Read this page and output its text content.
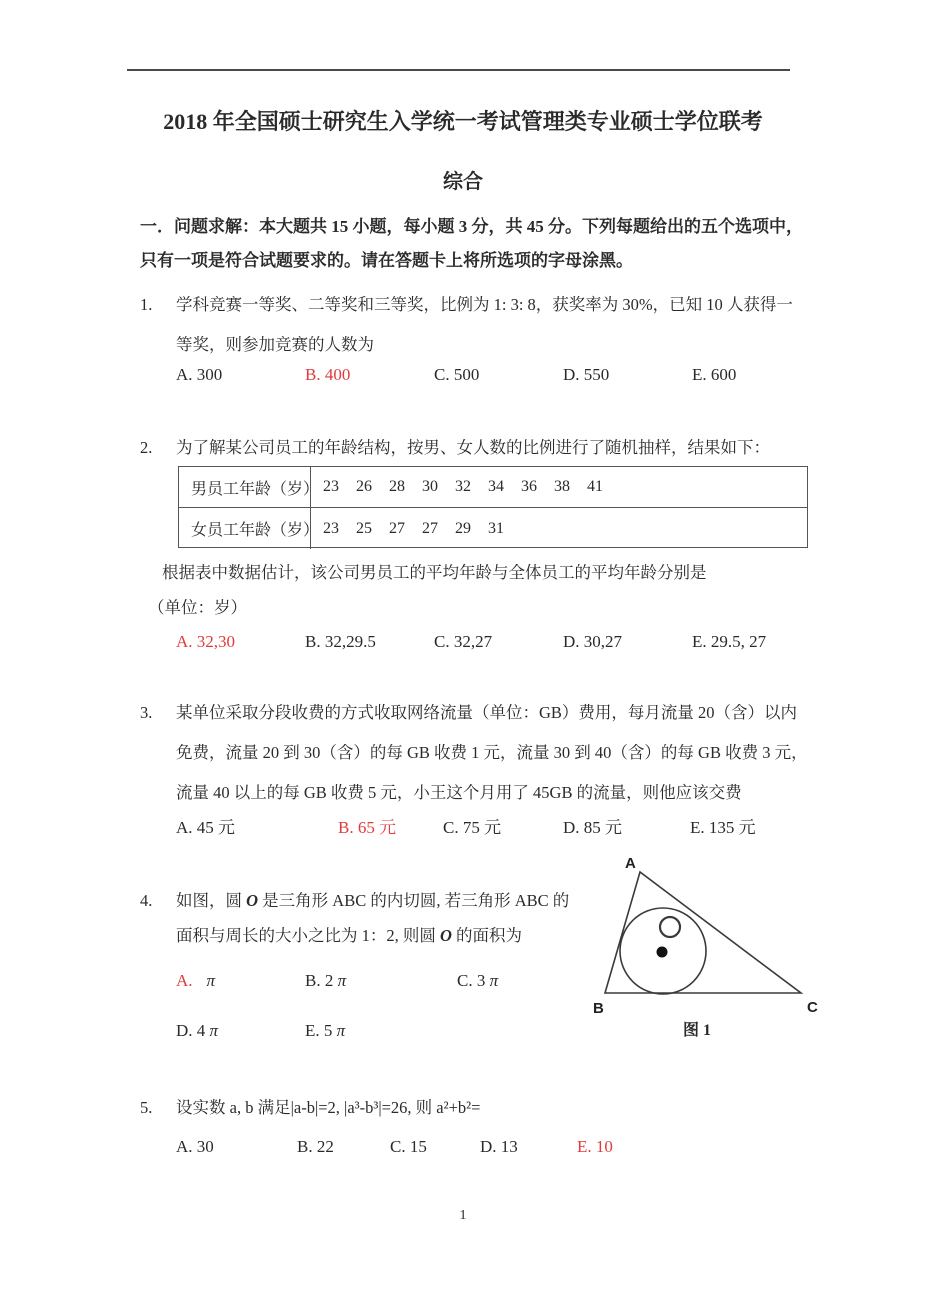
2018 年全国硕士研究生入学统一考试管理类专业硕士学位联考
综合
一．问题求解：本大题共 15 小题，每小题 3 分，共 45 分。下列每题给出的五个选项中，
只有一项是符合试题要求的。请在答题卡上将所选项的字母涂黑。
1. 学科竞赛一等奖、二等奖和三等奖，比例为 1: 3: 8，获奖率为 30%，已知 10 人获得一
等奖，则参加竞赛的人数为
A. 300	B. 400	C. 500	D. 550	E. 600
2. 为了解某公司员工的年龄结构，按男、女人数的比例进行了随机抽样，结果如下：
男员工年龄（岁） 23 26 28 30 32 34 36 38 41
女员工年龄（岁） 23 25 27 27 29 31
根据表中数据估计，该公司男员工的平均年龄与全体员工的平均年龄分别是
（单位：岁）
A. 32,30	B. 32,29.5	C. 32,27	D. 30,27	E. 29.5, 27
3. 某单位采取分段收费的方式收取网络流量（单位：GB）费用，每月流量 20（含）以内
免费，流量 20 到 30（含）的每 GB 收费 1 元，流量 30 到 40（含）的每 GB 收费 3 元，
流量 40 以上的每 GB 收费 5 元，小王这个月用了 45GB 的流量，则他应该交费
A. 45 元	B. 65 元	C. 75 元	D. 85 元	E. 135 元
4. 如图，圆 O 是三角形 ABC 的内切圆, 若三角形 ABC 的
面积与周长的大小之比为 1：2, 则圆 O 的面积为
A. π	B. 2 π	C. 3 π
D. 4 π	E. 5 π
A
B	C
图 1
5. 设实数 a, b 满足|a-b|=2, |a³-b³|=26, 则 a²+b²=
A. 30	B. 22	C. 15	D. 13	E. 10
1
